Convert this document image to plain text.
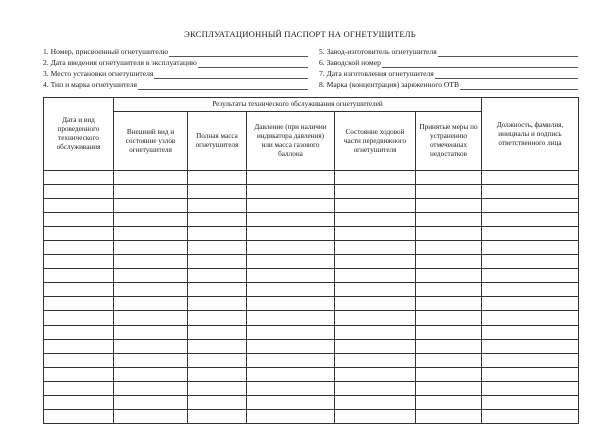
ЭКСПЛУАТАЦИОННЫЙ ПАСПОРТ НА ОГНЕТУШИТЕЛЬ
1. Номер, присвоенный огнетушителю	5. Завод-изготовитель огнетушителя
2. Дата введения огнетушителя в эксплуатацию	6. Заводской номер
3. Место установки огнетушителя	7. Дата изготовления огнетушителя
4. Тип и марка огнетушителя	8. Марка (концентрация) заряженного ОТВ
Дата и вид проведенного технического обслуживания	Результаты технического обслуживания огнетушителей					Должность, фамилия, инициалы и подпись ответственного лица
	Внешний вид и состояние узлов огнетушителя	Полная масса огнетушителя	Давление (при наличии индикатора давления) или масса газового баллона	Состояние ходовой части передвижного огнетушителя	Принятые меры по устранению отмеченных недостатков	
